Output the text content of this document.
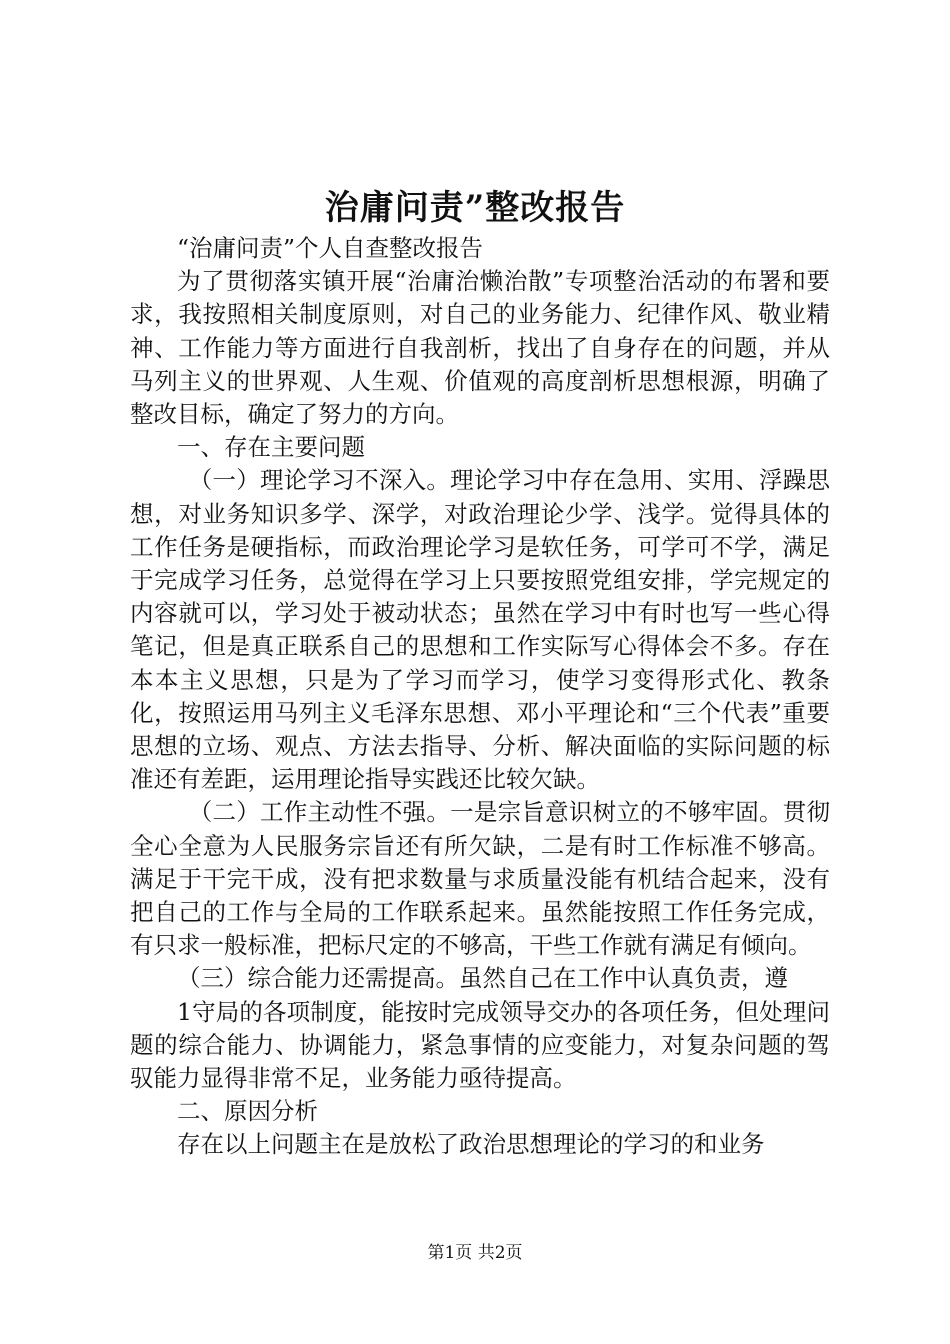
治庸问责”整改报告

“治庸问责”个人自查整改报告

为了贯彻落实镇开展“治庸治懒治散”专项整治活动的布署和要求，我按照相关制度原则，对自己的业务能力、纪律作风、敬业精神、工作能力等方面进行自我剖析，找出了自身存在的问题，并从马列主义的世界观、人生观、价值观的高度剖析思想根源，明确了整改目标，确定了努力的方向。

一、存在主要问题

（一）理论学习不深入。理论学习中存在急用、实用、浮躁思想，对业务知识多学、深学，对政治理论少学、浅学。觉得具体的工作任务是硬指标，而政治理论学习是软任务，可学可不学，满足于完成学习任务，总觉得在学习上只要按照党组安排，学完规定的内容就可以，学习处于被动状态；虽然在学习中有时也写一些心得笔记，但是真正联系自己的思想和工作实际写心得体会不多。存在本本主义思想，只是为了学习而学习，使学习变得形式化、教条化，按照运用马列主义毛泽东思想、邓小平理论和“三个代表”重要思想的立场、观点、方法去指导、分析、解决面临的实际问题的标准还有差距，运用理论指导实践还比较欠缺。

（二）工作主动性不强。一是宗旨意识树立的不够牢固。贯彻全心全意为人民服务宗旨还有所欠缺，二是有时工作标准不够高。满足于干完干成，没有把求数量与求质量没能有机结合起来，没有把自己的工作与全局的工作联系起来。虽然能按照工作任务完成，有只求一般标准，把标尺定的不够高，干些工作就有满足有倾向。

（三）综合能力还需提高。虽然自己在工作中认真负责，遵

1守局的各项制度，能按时完成领导交办的各项任务，但处理问题的综合能力、协调能力，紧急事情的应变能力，对复杂问题的驾驭能力显得非常不足，业务能力亟待提高。

二、原因分析

存在以上问题主在是放松了政治思想理论的学习的和业务

第1页 共2页
